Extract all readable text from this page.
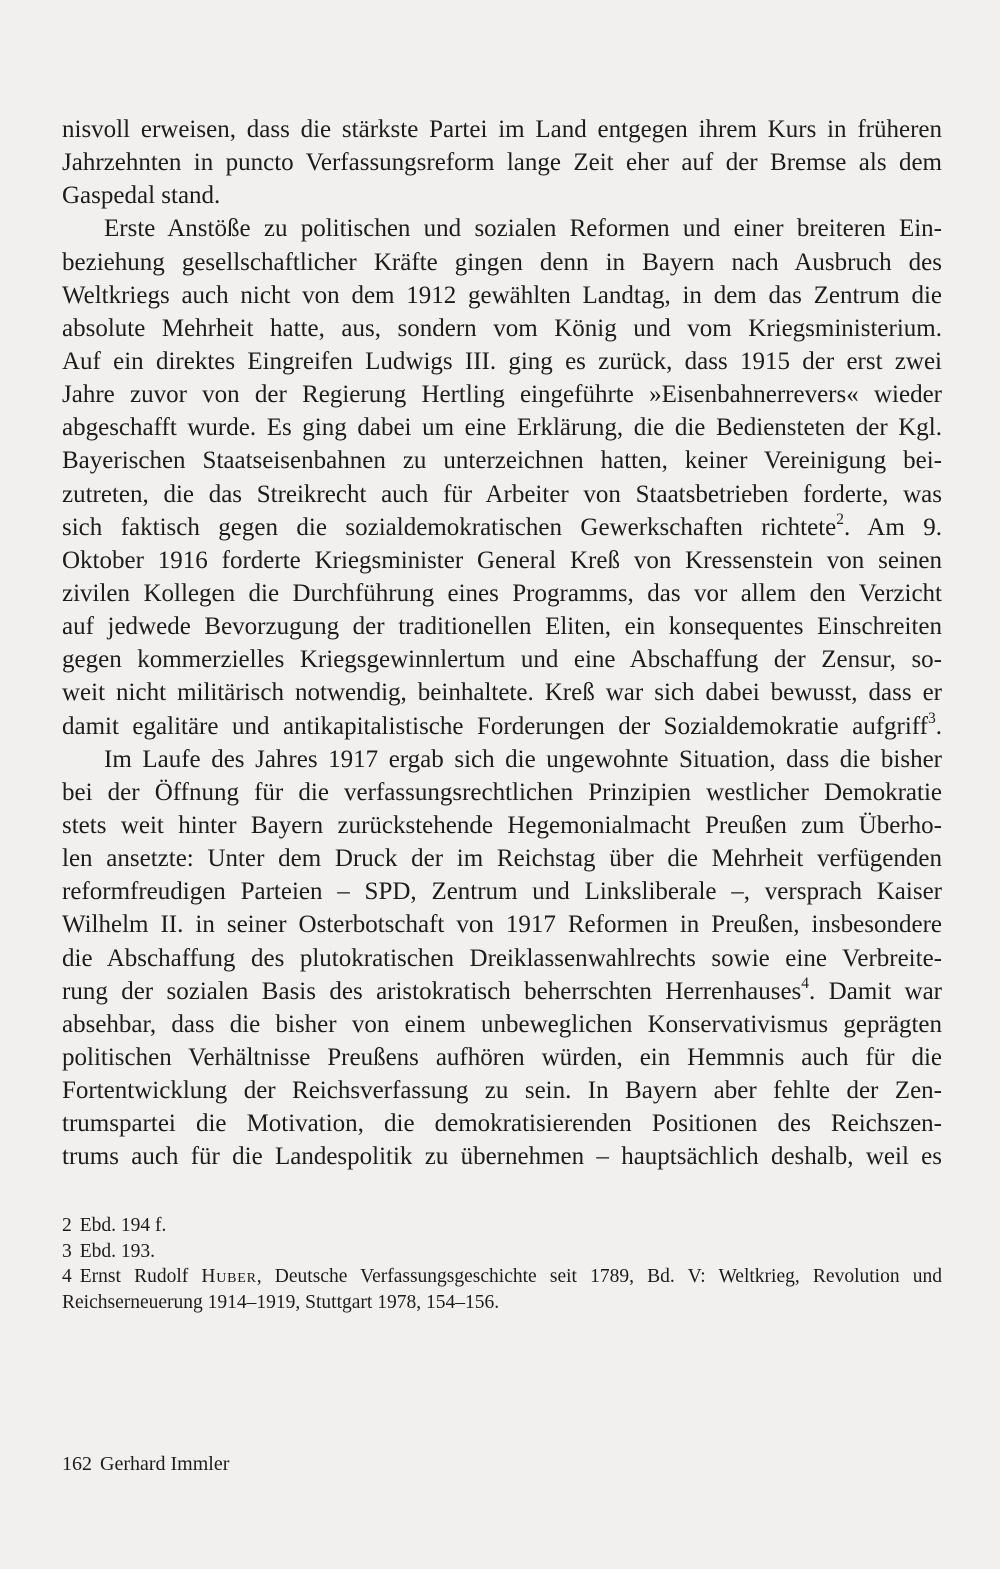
nisvoll erweisen, dass die stärkste Partei im Land entgegen ihrem Kurs in früheren
Jahrzehnten in puncto Verfassungsreform lange Zeit eher auf der Bremse als dem
Gaspedal stand.
Erste Anstöße zu politischen und sozialen Reformen und einer breiteren Ein-
beziehung gesellschaftlicher Kräfte gingen denn in Bayern nach Ausbruch des
Weltkriegs auch nicht von dem 1912 gewählten Landtag, in dem das Zentrum die
absolute Mehrheit hatte, aus, sondern vom König und vom Kriegsministerium.
Auf ein direktes Eingreifen Ludwigs III. ging es zurück, dass 1915 der erst zwei
Jahre zuvor von der Regierung Hertling eingeführte »Eisenbahnerrevers« wieder
abgeschafft wurde. Es ging dabei um eine Erklärung, die die Bediensteten der Kgl.
Bayerischen Staatseisenbahnen zu unterzeichnen hatten, keiner Vereinigung bei-
zutreten, die das Streikrecht auch für Arbeiter von Staatsbetrieben forderte, was
sich faktisch gegen die sozialdemokratischen Gewerkschaften richtete$^2$. Am 9.
Oktober 1916 forderte Kriegsminister General Kreß von Kressenstein von seinen
zivilen Kollegen die Durchführung eines Programms, das vor allem den Verzicht
auf jedwede Bevorzugung der traditionellen Eliten, ein konsequentes Einschreiten
gegen kommerzielles Kriegsgewinnlertum und eine Abschaffung der Zensur, so-
weit nicht militärisch notwendig, beinhaltete. Kreß war sich dabei bewusst, dass er
damit egalitäre und antikapitalistische Forderungen der Sozialdemokratie aufgriff$^3$.
Im Laufe des Jahres 1917 ergab sich die ungewohnte Situation, dass die bisher
bei der Öffnung für die verfassungsrechtlichen Prinzipien westlicher Demokratie
stets weit hinter Bayern zurückstehende Hegemonialmacht Preußen zum Überho-
len ansetzte: Unter dem Druck der im Reichstag über die Mehrheit verfügenden
reformfreudigen Parteien – SPD, Zentrum und Linksliberale –, versprach Kaiser
Wilhelm II. in seiner Osterbotschaft von 1917 Reformen in Preußen, insbesondere
die Abschaffung des plutokratischen Dreiklassenwahlrechts sowie eine Verbreite-
rung der sozialen Basis des aristokratisch beherrschten Herrenhauses$^4$. Damit war
absehbar, dass die bisher von einem unbeweglichen Konservativismus geprägten
politischen Verhältnisse Preußens aufhören würden, ein Hemmnis auch für die
Fortentwicklung der Reichsverfassung zu sein. In Bayern aber fehlte der Zen-
trumspartei die Motivation, die demokratisierenden Positionen des Reichszen-
trums auch für die Landespolitik zu übernehmen – hauptsächlich deshalb, weil es
2 Ebd. 194 f.
3 Ebd. 193.
4 Ernst Rudolf Huber, Deutsche Verfassungsgeschichte seit 1789, Bd. V: Weltkrieg, Revolution und
Reichserneuerung 1914–1919, Stuttgart 1978, 154–156.
162 Gerhard Immler
